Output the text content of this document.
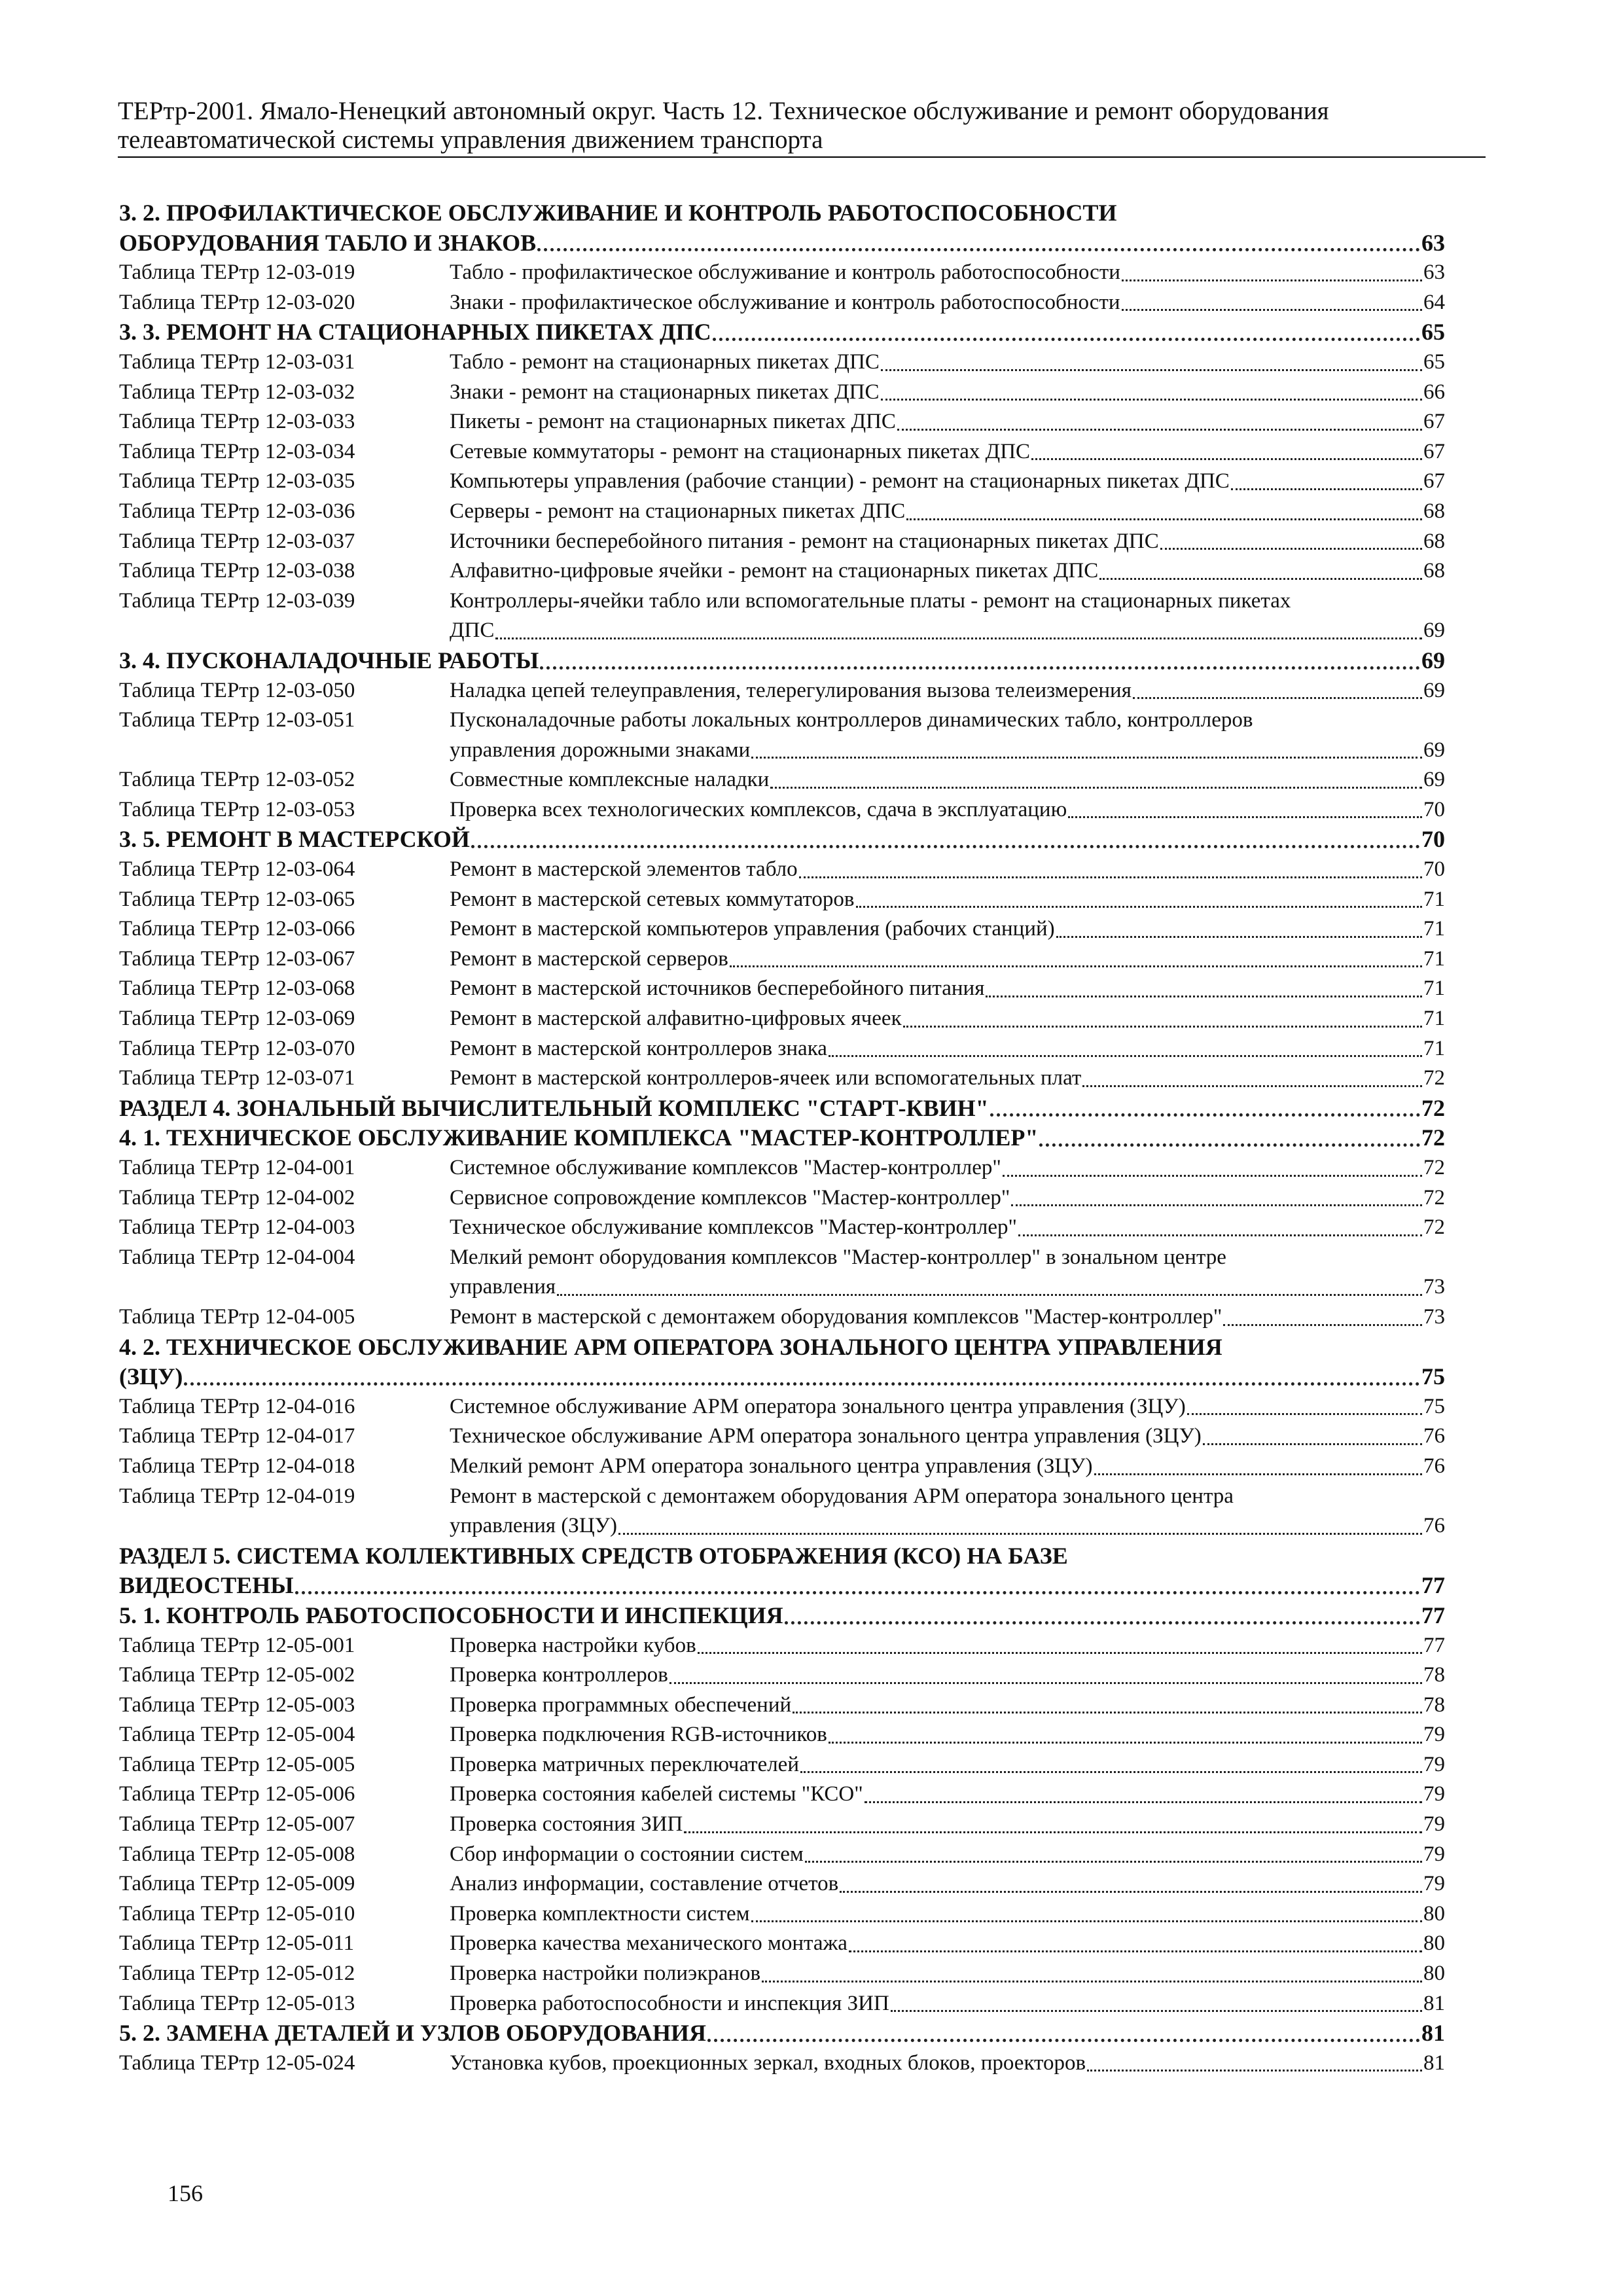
ТЕРтр-2001. Ямало-Ненецкий автономный округ. Часть 12. Техническое обслуживание и ремонт оборудования
телеавтоматической системы управления движением транспорта
3. 2. ПРОФИЛАКТИЧЕСКОЕ ОБСЛУЖИВАНИЕ И КОНТРОЛЬ РАБОТОСПОСОБНОСТИ
ОБОРУДОВАНИЯ ТАБЛО И ЗНАКОВ	63
Таблица ТЕРтр 12-03-019	Табло - профилактическое обслуживание и контроль работоспособности	63
Таблица ТЕРтр 12-03-020	Знаки - профилактическое обслуживание и контроль работоспособности	64
3. 3. РЕМОНТ НА СТАЦИОНАРНЫХ ПИКЕТАХ ДПС	65
Таблица ТЕРтр 12-03-031	Табло - ремонт на стационарных пикетах ДПС	65
Таблица ТЕРтр 12-03-032	Знаки - ремонт на стационарных пикетах ДПС	66
Таблица ТЕРтр 12-03-033	Пикеты - ремонт на стационарных пикетах ДПС	67
Таблица ТЕРтр 12-03-034	Сетевые коммутаторы - ремонт на стационарных пикетах ДПС	67
Таблица ТЕРтр 12-03-035	Компьютеры управления (рабочие станции) - ремонт на стационарных пикетах ДПС	67
Таблица ТЕРтр 12-03-036	Серверы - ремонт на стационарных пикетах ДПС	68
Таблица ТЕРтр 12-03-037	Источники бесперебойного питания - ремонт на стационарных пикетах ДПС	68
Таблица ТЕРтр 12-03-038	Алфавитно-цифровые ячейки - ремонт на стационарных пикетах ДПС	68
Таблица ТЕРтр 12-03-039	Контроллеры-ячейки табло или вспомогательные платы - ремонт на стационарных пикетах
ДПС	69
3. 4. ПУСКОНАЛАДОЧНЫЕ РАБОТЫ	69
Таблица ТЕРтр 12-03-050	Наладка цепей телеуправления, телерегулирования вызова телеизмерения	69
Таблица ТЕРтр 12-03-051	Пусконаладочные работы локальных контроллеров динамических табло, контроллеров
управления дорожными знаками	69
Таблица ТЕРтр 12-03-052	Совместные комплексные наладки	69
Таблица ТЕРтр 12-03-053	Проверка всех технологических комплексов, сдача в эксплуатацию	70
3. 5. РЕМОНТ В МАСТЕРСКОЙ	70
Таблица ТЕРтр 12-03-064	Ремонт в мастерской элементов табло	70
Таблица ТЕРтр 12-03-065	Ремонт в мастерской сетевых коммутаторов	71
Таблица ТЕРтр 12-03-066	Ремонт в мастерской компьютеров управления (рабочих станций)	71
Таблица ТЕРтр 12-03-067	Ремонт в мастерской серверов	71
Таблица ТЕРтр 12-03-068	Ремонт в мастерской источников бесперебойного питания	71
Таблица ТЕРтр 12-03-069	Ремонт в мастерской алфавитно-цифровых ячеек	71
Таблица ТЕРтр 12-03-070	Ремонт в мастерской контроллеров знака	71
Таблица ТЕРтр 12-03-071	Ремонт в мастерской контроллеров-ячеек или вспомогательных плат	72
РАЗДЕЛ 4. ЗОНАЛЬНЫЙ ВЫЧИСЛИТЕЛЬНЫЙ КОМПЛЕКС "СТАРТ-КВИН"	72
4. 1. ТЕХНИЧЕСКОЕ ОБСЛУЖИВАНИЕ КОМПЛЕКСА "МАСТЕР-КОНТРОЛЛЕР"	72
Таблица ТЕРтр 12-04-001	Системное обслуживание комплексов "Мастер-контроллер"	72
Таблица ТЕРтр 12-04-002	Сервисное сопровождение комплексов "Мастер-контроллер"	72
Таблица ТЕРтр 12-04-003	Техническое обслуживание комплексов "Мастер-контроллер"	72
Таблица ТЕРтр 12-04-004	Мелкий ремонт оборудования комплексов "Мастер-контроллер" в зональном центре
управления	73
Таблица ТЕРтр 12-04-005	Ремонт в мастерской с демонтажем оборудования комплексов "Мастер-контроллер"	73
4. 2. ТЕХНИЧЕСКОЕ ОБСЛУЖИВАНИЕ АРМ ОПЕРАТОРА ЗОНАЛЬНОГО ЦЕНТРА УПРАВЛЕНИЯ
(ЗЦУ)	75
Таблица ТЕРтр 12-04-016	Системное обслуживание АРМ оператора зонального центра управления (ЗЦУ)	75
Таблица ТЕРтр 12-04-017	Техническое обслуживание АРМ оператора зонального центра управления (ЗЦУ)	76
Таблица ТЕРтр 12-04-018	Мелкий ремонт АРМ оператора зонального центра управления (ЗЦУ)	76
Таблица ТЕРтр 12-04-019	Ремонт в мастерской с демонтажем оборудования АРМ оператора зонального центра
управления (ЗЦУ)	76
РАЗДЕЛ 5. СИСТЕМА КОЛЛЕКТИВНЫХ СРЕДСТВ ОТОБРАЖЕНИЯ (КСО) НА БАЗЕ
ВИДЕОСТЕНЫ	77
5. 1. КОНТРОЛЬ РАБОТОСПОСОБНОСТИ И ИНСПЕКЦИЯ	77
Таблица ТЕРтр 12-05-001	Проверка настройки кубов	77
Таблица ТЕРтр 12-05-002	Проверка контроллеров	78
Таблица ТЕРтр 12-05-003	Проверка программных обеспечений	78
Таблица ТЕРтр 12-05-004	Проверка подключения RGB-источников	79
Таблица ТЕРтр 12-05-005	Проверка матричных переключателей	79
Таблица ТЕРтр 12-05-006	Проверка состояния кабелей системы "КСО"	79
Таблица ТЕРтр 12-05-007	Проверка состояния ЗИП	79
Таблица ТЕРтр 12-05-008	Сбор информации о состоянии систем	79
Таблица ТЕРтр 12-05-009	Анализ информации, составление отчетов	79
Таблица ТЕРтр 12-05-010	Проверка комплектности систем	80
Таблица ТЕРтр 12-05-011	Проверка качества механического монтажа	80
Таблица ТЕРтр 12-05-012	Проверка настройки полиэкранов	80
Таблица ТЕРтр 12-05-013	Проверка работоспособности и инспекция ЗИП	81
5. 2. ЗАМЕНА ДЕТАЛЕЙ И УЗЛОВ ОБОРУДОВАНИЯ	81
Таблица ТЕРтр 12-05-024	Установка кубов, проекционных зеркал, входных блоков, проекторов	81
156
